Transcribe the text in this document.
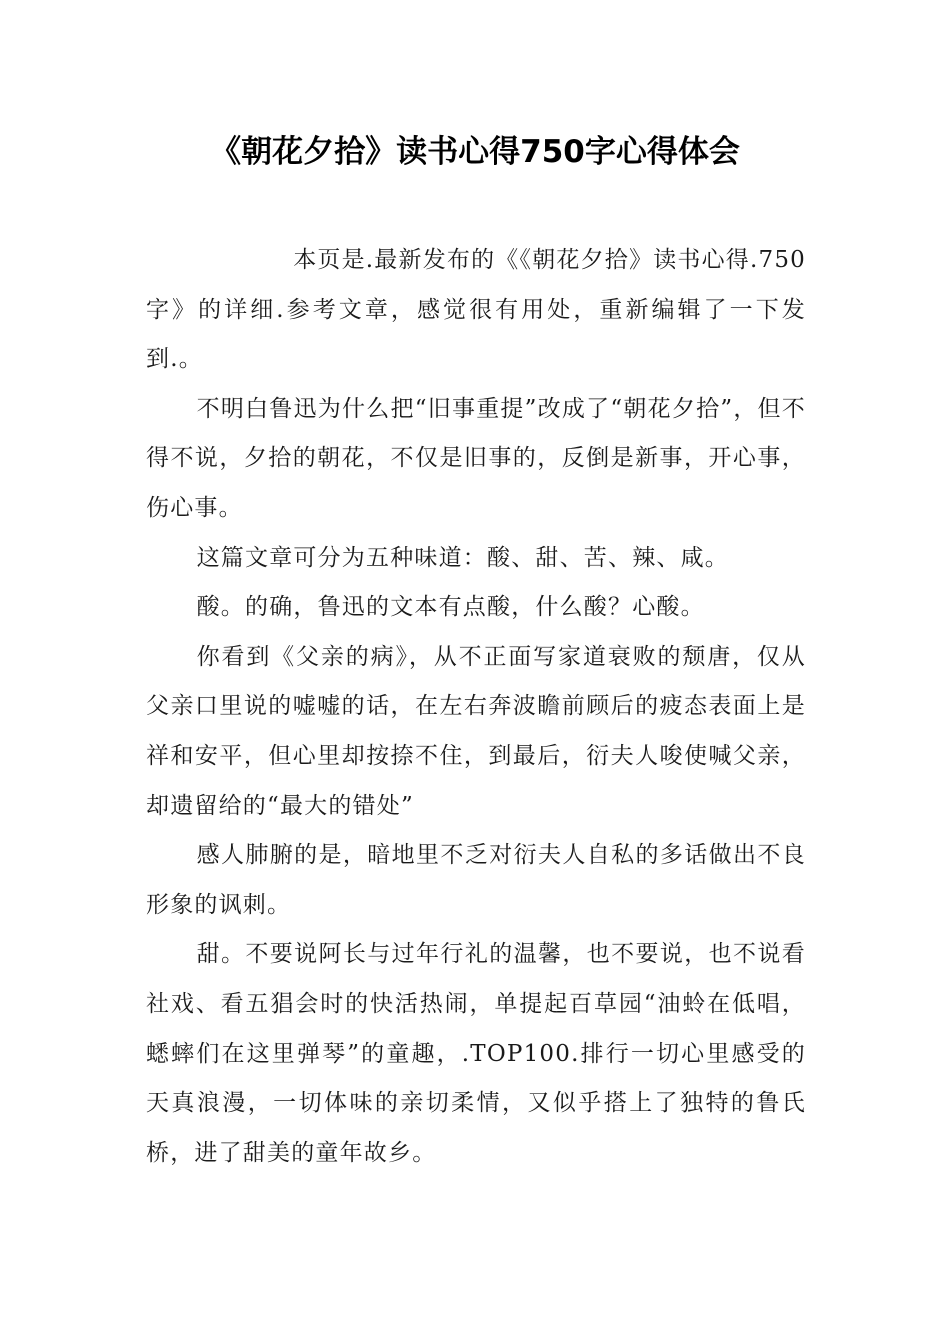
《朝花夕拾》读书心得750字心得体会

本页是.最新发布的《《朝花夕拾》读书心得.750字》的详细.参考文章，感觉很有用处，重新编辑了一下发到.。

不明白鲁迅为什么把“旧事重提”改成了“朝花夕拾”，但不得不说，夕拾的朝花，不仅是旧事的，反倒是新事，开心事，伤心事。

这篇文章可分为五种味道：酸、甜、苦、辣、咸。

酸。的确，鲁迅的文本有点酸，什么酸？心酸。

你看到《父亲的病》，从不正面写家道衰败的颓唐，仅从父亲口里说的嘘嘘的话，在左右奔波瞻前顾后的疲态表面上是祥和安平，但心里却按捺不住，到最后，衍夫人唆使喊父亲，却遗留给的“最大的错处”

感人肺腑的是，暗地里不乏对衍夫人自私的多话做出不良形象的讽刺。

甜。不要说阿长与过年行礼的温馨，也不要说，也不说看社戏、看五猖会时的快活热闹，单提起百草园“油蛉在低唱，蟋蟀们在这里弹琴”的童趣，.TOP100.排行一切心里感受的天真浪漫，一切体味的亲切柔情，又似乎搭上了独特的鲁氏桥，进了甜美的童年故乡。
